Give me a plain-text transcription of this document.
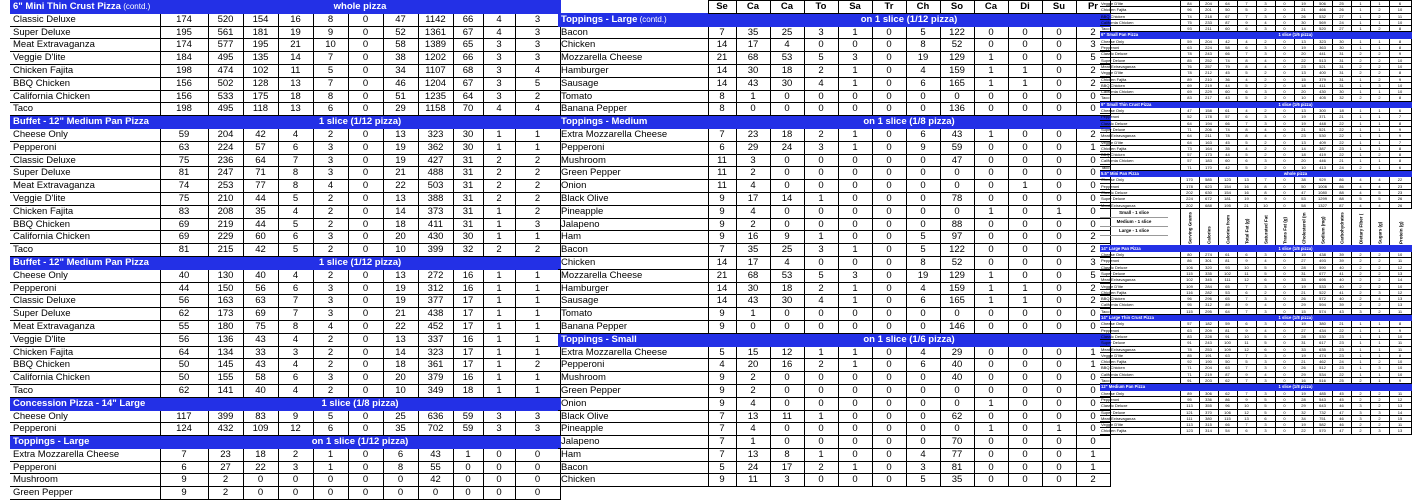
6" Mini Thin Crust Pizza (contd.)	whole pizza											
Classic Deluxe	174	520	154	16	8	0	47	1142	66	4	3	
Super Deluxe	195	561	181	19	9	0	52	1361	67	4	3	
Meat Extravaganza	174	577	195	21	10	0	58	1389	65	3	3	
Veggie D'lite	184	495	135	14	7	0	38	1202	66	3	3	
Chicken Fajita	198	474	102	11	5	0	34	1107	68	3	4	
BBQ Chicken	156	502	128	13	7	0	46	1204	67	3	5	
California Chicken	156	533	175	18	8	0	51	1235	64	3	2	
Taco	198	495	118	13	6	0	29	1158	70	4	4	
Buffet - 12" Medium Pan Pizza	1 slice (1/12 pizza)											
Cheese Only	59	204	42	4	2	0	13	323	30	1	1	
Pepperoni	63	224	57	6	3	0	19	362	30	1	1	
Classic Deluxe	75	236	64	7	3	0	19	427	31	2	2	
Super Deluxe	81	247	71	8	3	0	21	488	31	2	2	
Meat Extravaganza	74	253	77	8	4	0	22	503	31	2	2	
Veggie D'lite	75	210	44	5	2	0	13	388	31	2	2	
Chicken Fajita	83	208	35	4	2	0	14	373	31	1	2	
BBQ Chicken	69	219	44	5	2	0	18	411	31	1	3	
California Chicken	69	229	60	6	3	0	20	430	30	1	1	
Taco	81	215	42	5	2	0	10	399	32	2	2	
Buffet - 12" Medium Pan Pizza	1 slice (1/12 pizza)											
Cheese Only	40	130	40	4	2	0	13	272	16	1	1	
Pepperoni	44	150	56	6	3	0	19	312	16	1	1	
Classic Deluxe	56	163	63	7	3	0	19	377	17	1	1	
Super Deluxe	62	173	69	7	3	0	21	438	17	1	1	
Meat Extravaganza	55	180	75	8	4	0	22	452	17	1	1	
Veggie D'lite	56	136	43	4	2	0	13	337	16	1	1	
Chicken Fajita	64	134	33	3	2	0	14	323	17	1	1	
BBQ Chicken	50	145	43	4	2	0	18	361	17	1	2	
California Chicken	50	155	58	6	3	0	20	379	16	1	1	
Taco	62	141	40	4	2	0	10	349	18	1	1	
Concession Pizza - 14" Large	1 slice (1/8 pizza)											
Cheese Only	117	399	83	9	5	0	25	636	59	3	3	
Pepperoni	124	432	109	12	6	0	35	702	59	3	3	
Toppings - Large	on 1 slice (1/12 pizza)											
Extra Mozzarella Cheese	7	23	18	2	1	0	6	43	1	0	0	
Pepperoni	6	27	22	3	1	0	8	55	0	0	0	
Mushroom	9	2	0	0	0	0	0	42	0	0	0	
Green Pepper	9	2	0	0	0	0	0	0	0	0	0	
	Se	Ca	Ca	To	Sa	Tr	Ch	So	Ca	Di	Su	Pr
Toppings - Large (contd.)	on 1 slice (1/12 pizza)											
Bacon	7	35	25	3	1	0	5	122	0	0	0	2
Chicken	14	17	4	0	0	0	8	52	0	0	0	3
Mozzarella Cheese	21	68	53	5	3	0	19	129	1	0	0	5
Hamburger	14	30	18	2	1	0	4	159	1	1	0	2
Sausage	14	43	30	4	1	0	6	165	1	1	0	2
Tomato	8	1	0	0	0	0	0	0	0	0	0	0
Banana Pepper	8	0	0	0	0	0	0	136	0	0	0	0
Toppings - Medium	on 1 slice (1/8 pizza)											
Extra Mozzarella Cheese	7	23	18	2	1	0	6	43	1	0	0	2
Pepperoni	6	29	24	3	1	0	9	59	0	0	0	1
Mushroom	11	3	0	0	0	0	0	47	0	0	0	0
Green Pepper	11	2	0	0	0	0	0	0	0	0	0	0
Onion	11	4	0	0	0	0	0	0	0	1	0	0
Black Olive	9	17	14	1	0	0	0	78	0	0	0	0
Pineapple	9	4	0	0	0	0	0	0	1	0	1	0
Jalapeno	9	2	0	0	0	0	0	88	0	0	0	0
Ham	9	16	9	1	0	0	5	97	0	0	0	2
Bacon	7	35	25	3	1	0	5	122	0	0	0	2
Chicken	14	17	4	0	0	0	8	52	0	0	0	3
Mozzarella Cheese	21	68	53	5	3	0	19	129	1	0	0	5
Hamburger	14	30	18	2	1	0	4	159	1	1	0	2
Sausage	14	43	30	4	1	0	6	165	1	1	0	2
Tomato	9	1	0	0	0	0	0	0	0	0	0	0
Banana Pepper	9	0	0	0	0	0	0	146	0	0	0	0
Toppings - Small	on 1 slice (1/6 pizza)											
Extra Mozzarella Cheese	5	15	12	1	1	0	4	29	0	0	0	1
Pepperoni	4	20	16	2	1	0	6	40	0	0	0	1
Mushroom	9	2	0	0	0	0	0	40	0	0	0	0
Green Pepper	9	2	0	0	0	0	0	0	0	0	0	0
Onion	9	4	0	0	0	0	0	0	1	0	0	0
Black Olive	7	13	11	1	0	0	0	62	0	0	0	0
Pineapple	7	4	0	0	0	0	0	0	1	0	1	0
Jalapeno	7	1	0	0	0	0	0	70	0	0	0	0
Ham	7	13	8	1	0	0	4	77	0	0	0	1
Bacon	5	24	17	2	1	0	3	81	0	0	0	1
Chicken	9	11	3	0	0	0	5	35	0	0	0	2
Veggie D'lite	84	204	64	7	3	0	19	506	25	1	1	6
Chicken Fajita	96	201	50	5	2	0	21	466	26	1	2	10
BBQ Chicken	74	218	67	7	3	0	26	532	27	1	2	11
California Chicken	75	233	87	9	4	0	30	569	24	1	1	10
Taco	93	211	60	6	3	0	14	520	27	1	2	8
6" Small Pan Pizza	1 slice (1/6 pizza)											
Cheese Only	59	204	42	4	2	0	13	323	30	1	1	8
Pepperoni	63	224	58	6	3	0	19	363	30	1	1	8
Classic Deluxe	78	243	66	7	3	0	20	441	31	2	2	9
Super Deluxe	85	252	74	8	4	0	22	513	31	2	2	10
Meat Extravaganza	76	257	79	8	4	0	23	521	31	2	2	10
Veggie D'lite	78	212	45	5	2	0	13	400	31	2	2	8
Chicken Fajita	89	210	36	4	2	0	15	379	31	1	2	9
BBQ Chicken	69	219	44	5	2	0	18	411	31	1	3	10
California Chicken	69	229	60	6	3	0	20	430	30	1	1	10
Taco	83	217	43	5	2	0	10	405	32	2	2	8
9" Small Thin Crust Pizza	1 slice (1/6 pizza)											
Cheese Only	47	158	61	4	2	0	13	300	18	1	1	6
Pepperoni	52	178	57	6	3	0	19	371	21	1	1	7
Classic Deluxe	64	194	66	7	3	0	19	448	22	1	1	8
Super Deluxe	71	206	74	8	4	0	21	521	22	1	1	9
Meat Extravaganza	64	211	78	8	4	0	23	530	22	1	1	9
Veggie D'lite	64	163	45	5	2	0	13	409	22	1	1	7
Chicken Fajita	73	164	35	4	2	0	14	387	23	1	1	8
BBQ Chicken	57	173	44	5	2	0	18	419	22	1	2	8
California Chicken	57	183	60	6	3	0	20	446	21	1	1	8
Taco	71	170	42	5	2	0	10	413	24	2	1	6
5.5" Mini Pan Pizza	whole pizza											
Cheese Only	170	585	123	13	7	0	38	929	86	4	4	22
Pepperoni	178	623	154	16	8	0	50	1006	86	4	4	23
Classic Deluxe	202	630	154	16	8	0	47	1080	88	4	5	23
Super Deluxe	224	672	181	19	9	0	53	1299	88	5	5	26
Meat Extravaganza	202	688	195	21	10	0	58	1327	87	4	4	26
Small - 1 slice
Medium - 1 slice
Large - 1 slice	Serving Grams	Calories	Calories from	Total Fat (g)	Saturated Fat	Trans Fat (g)	Cholesterol (m	Sodium (mg)	Carbohydrates	Dietary Fiber (	Sugars (g)	Protein (g)
14" Large Pan Pizza	1 slice (1/8 pizza)											
Cheese Only	80	274	61	6	3	0	19	438	39	2	2	10
Pepperoni	86	301	81	9	4	0	27	493	39	2	2	11
Classic Deluxe	106	320	93	10	5	0	28	590	40	2	2	12
Super Deluxe	115	335	102	11	5	0	31	677	41	2	2	13
Meat Extravaganza	102	345	111	12	6	0	33	695	40	2	2	14
Veggie D'lite	109	284	65	7	3	0	19	533	40	2	2	10
Chicken Fajita	116	282	53	6	2	0	21	522	41	2	3	12
BBQ Chicken	96	296	65	7	3	0	26	572	40	2	4	13
California Chicken	95	312	89	9	4	0	29	594	39	2	2	13
Taco	115	295	64	7	3	0	15	574	43	3	2	11
14" Large Thin Crust Pizza	1 slice (1/8 pizza)											
Cheese Only	57	182	59	6	3	0	19	380	21	1	1	8
Pepperoni	63	209	81	9	4	0	27	434	22	1	1	9
Classic Deluxe	83	228	91	10	5	0	28	530	23	1	1	10
Super Deluxe	91	243	100	11	5	0	31	617	23	1	1	11
Meat Extravaganza	78	253	109	12	6	0	33	635	23	1	1	11
Veggie D'lite	85	191	63	7	3	0	19	474	23	1	1	8
Chicken Fajita	92	190	50	5	3	0	21	462	24	1	2	10
BBQ Chicken	71	204	63	7	3	0	26	512	23	1	3	10
California Chicken	71	219	87	9	4	0	29	534	22	1	1	10
Taco	91	203	62	7	3	0	16	516	25	2	1	9
12" Medium Pan Pizza	1 slice (1/8 pizza)											
Cheese Only	89	306	62	7	3	0	19	485	45	2	2	11
Pepperoni	95	336	86	9	5	0	28	543	45	2	2	12
Classic Deluxe	113	355	96	10	5	0	29	643	46	3	2	13
Super Deluxe	121	370	106	12	5	0	32	732	47	3	3	14
Meat Extravaganza	111	380	115	13	6	0	34	751	46	3	2	15
Veggie D'lite	113	315	66	7	3	0	19	582	46	2	2	11
Chicken Fajita	123	314	54	6	3	0	22	570	47	2	3	13
